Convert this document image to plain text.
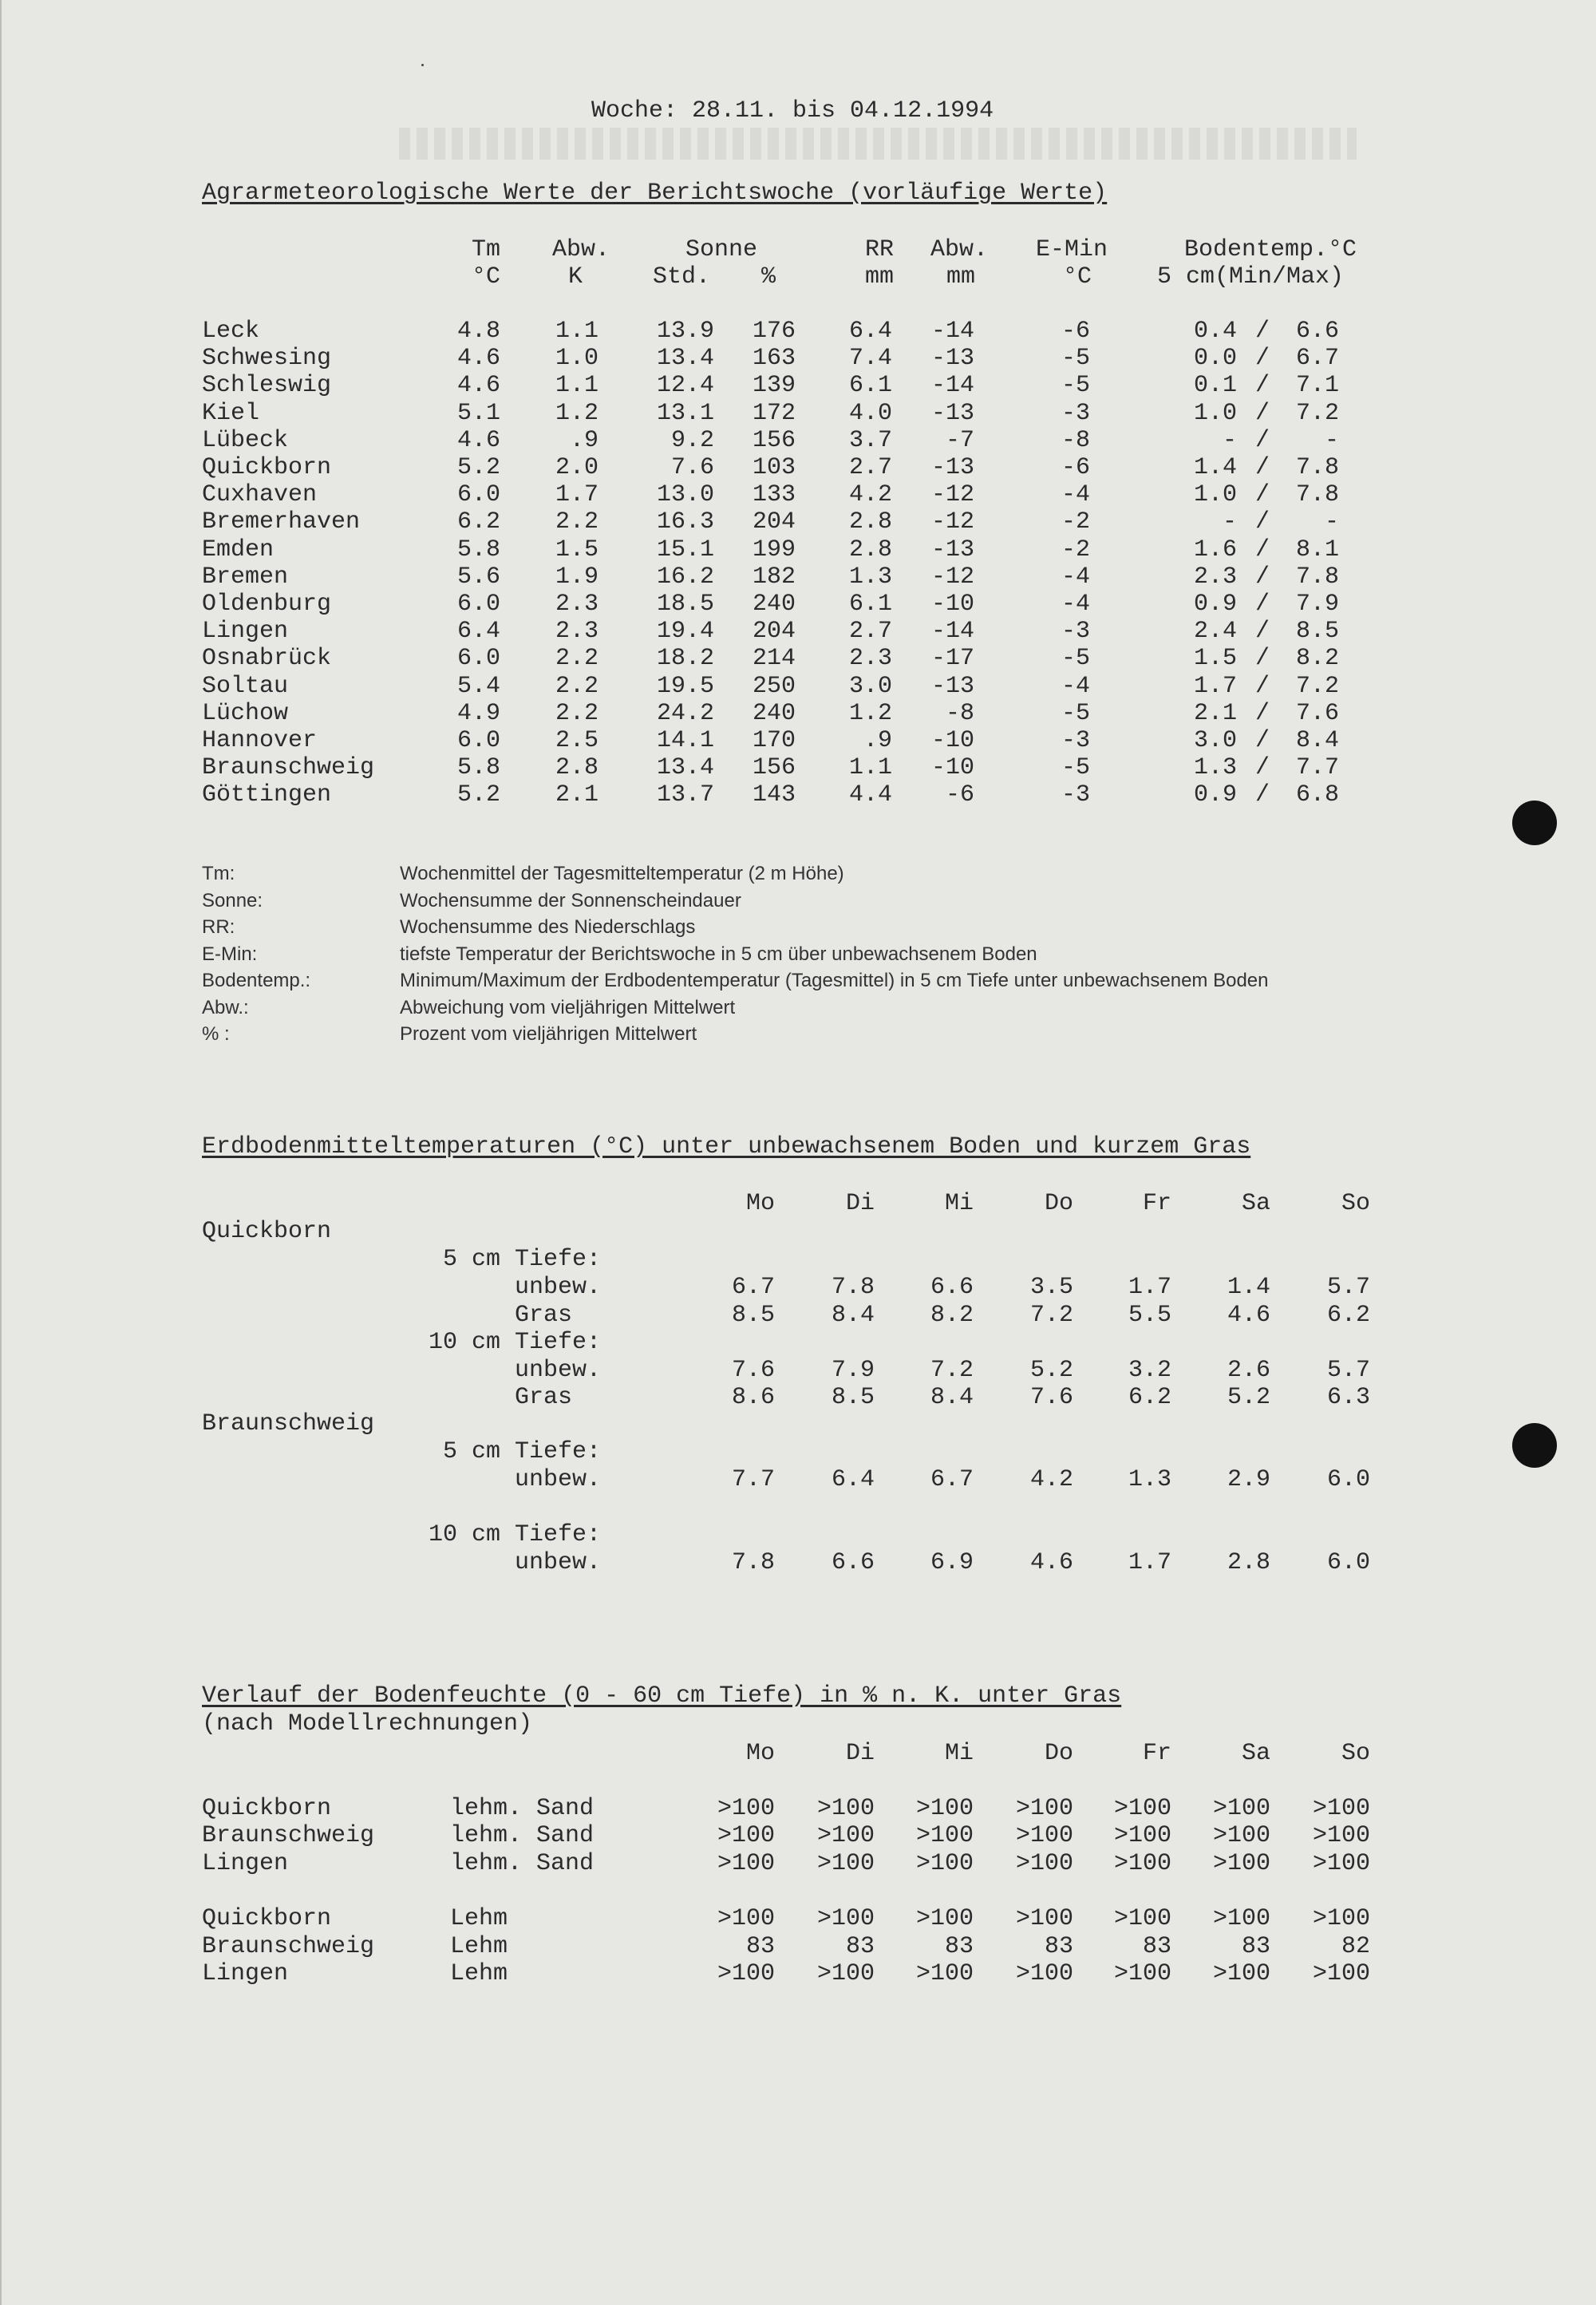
Woche: 28.11. bis 04.12.1994
Agrarmeteorologische Werte der Berichtswoche (vorläufige Werte)
Tm Abw.	Sonne	RR Abw. E-Min	Bodentemp.°C
°C	K	Std. %	mm mm	°C	5 cm(Min/Max)
Leck	4.8 1.1 13.9 176 6.4 -14	-6	0.4 /	6.6
Schwesing	4.6 1.0 13.4 163 7.4 -13	-5	0.0 /	6.7
Schleswig	4.6 1.1 12.4 139 6.1 -14	-5	0.1 /	7.1
Kiel	5.1 1.2 13.1 172 4.0 -13	-3	1.0 /	7.2
Lübeck	4.6	.9	9.2 156 3.7 -7	-8	- /	-
Quickborn	5.2 2.0	7.6 103 2.7 -13	-6	1.4 /	7.8
Cuxhaven	6.0 1.7 13.0 133 4.2 -12	-4	1.0 /	7.8
Bremerhaven	6.2 2.2 16.3 204 2.8 -12	-2	- /	-
Emden	5.8 1.5 15.1 199 2.8 -13	-2	1.6 /	8.1
Bremen	5.6 1.9 16.2 182 1.3 -12	-4	2.3 /	7.8
Oldenburg	6.0 2.3 18.5 240 6.1 -10	-4	0.9 /	7.9
Lingen	6.4 2.3 19.4 204 2.7 -14	-3	2.4 /	8.5
Osnabrück	6.0 2.2 18.2 214 2.3 -17	-5	1.5 /	8.2
Soltau	5.4 2.2 19.5 250 3.0 -13	-4	1.7 /	7.2
Lüchow	4.9 2.2 24.2 240 1.2 -8	-5	2.1 /	7.6
Hannover	6.0 2.5 14.1 170	.9 -10	-3	3.0 /	8.4
Braunschweig	5.8 2.8 13.4 156 1.1 -10	-5	1.3 /	7.7
Göttingen	5.2 2.1 13.7 143 4.4 -6	-3	0.9 /	6.8
Tm:	Wochenmittel der Tagesmitteltemperatur (2 m Höhe)
Sonne:	Wochensumme der Sonnenscheindauer
RR:	Wochensumme des Niederschlags
E-Min:	tiefste Temperatur der Berichtswoche in 5 cm über unbewachsenem Boden
Bodentemp.:	Minimum/Maximum der Erdbodentemperatur (Tagesmittel) in 5 cm Tiefe unter unbewachsenem Boden
Abw.:	Abweichung vom vieljährigen Mittelwert
% :	Prozent vom vieljährigen Mittelwert
Erdbodenmitteltemperaturen (°C) unter unbewachsenem Boden und kurzem Gras
Mo	Di	Mi	Do	Fr	Sa	So
Quickborn
5 cm Tiefe:
unbew.	6.7 7.8 6.6 3.5 1.7 1.4 5.7
Gras	8.5 8.4 8.2 7.2 5.5 4.6 6.2
10 cm Tiefe:
unbew.	7.6 7.9 7.2 5.2 3.2 2.6 5.7
Gras	8.6 8.5 8.4 7.6 6.2 5.2 6.3
Braunschweig
5 cm Tiefe:
unbew.	7.7 6.4 6.7 4.2 1.3 2.9 6.0
10 cm Tiefe:
unbew.	7.8 6.6 6.9 4.6 1.7 2.8 6.0
Verlauf der Bodenfeuchte (0 - 60 cm Tiefe) in % n. K. unter Gras
(nach Modellrechnungen)
Mo	Di	Mi	Do	Fr	Sa	So
Quickborn	lehm. Sand	>100 >100 >100 >100 >100 >100 >100
Braunschweig	lehm. Sand	>100 >100 >100 >100 >100 >100 >100
Lingen	lehm. Sand	>100 >100 >100 >100 >100 >100 >100
Quickborn	Lehm	>100 >100 >100 >100 >100 >100 >100
Braunschweig	Lehm	83	83	83	83	83	83	82
Lingen	Lehm	>100 >100 >100 >100 >100 >100 >100
